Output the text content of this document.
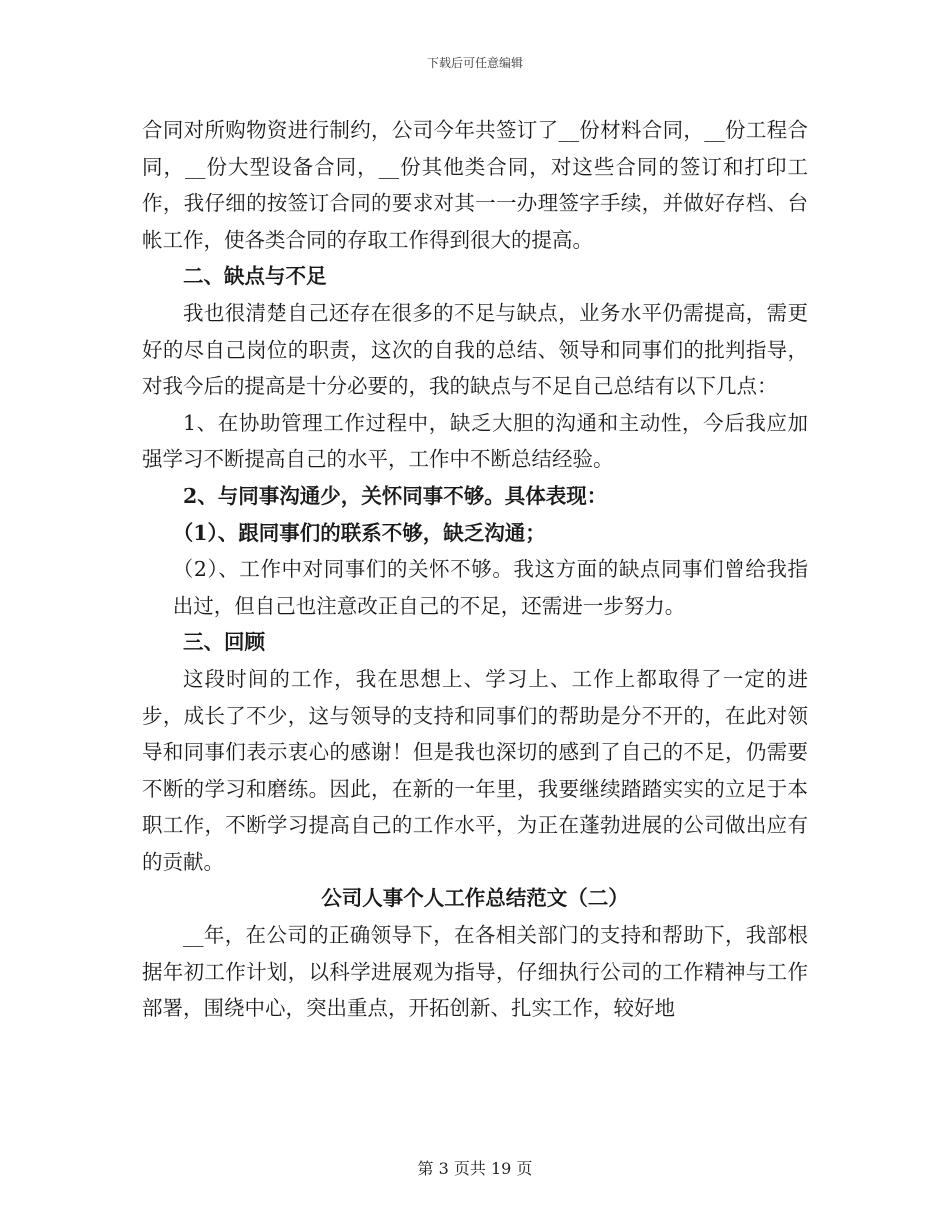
下载后可任意编辑

合同对所购物资进行制约，公司今年共签订了__份材料合同，__份工程合同，__份大型设备合同，__份其他类合同，对这些合同的签订和打印工作，我仔细的按签订合同的要求对其一一办理签字手续，并做好存档、台帐工作，使各类合同的存取工作得到很大的提高。

二、缺点与不足

我也很清楚自己还存在很多的不足与缺点，业务水平仍需提高，需更好的尽自己岗位的职责，这次的自我的总结、领导和同事们的批判指导，对我今后的提高是十分必要的，我的缺点与不足自己总结有以下几点：

1、在协助管理工作过程中，缺乏大胆的沟通和主动性，今后我应加强学习不断提高自己的水平，工作中不断总结经验。

2、与同事沟通少，关怀同事不够。具体表现：

（1）、跟同事们的联系不够，缺乏沟通；

（2）、工作中对同事们的关怀不够。我这方面的缺点同事们曾给我指出过，但自己也注意改正自己的不足，还需进一步努力。

三、回顾

这段时间的工作，我在思想上、学习上、工作上都取得了一定的进步，成长了不少，这与领导的支持和同事们的帮助是分不开的，在此对领导和同事们表示衷心的感谢！但是我也深切的感到了自己的不足，仍需要不断的学习和磨练。因此，在新的一年里，我要继续踏踏实实的立足于本职工作，不断学习提高自己的工作水平，为正在蓬勃进展的公司做出应有的贡献。

公司人事个人工作总结范文（二）

__年，在公司的正确领导下，在各相关部门的支持和帮助下，我部根据年初工作计划，以科学进展观为指导，仔细执行公司的工作精神与工作部署，围绕中心，突出重点，开拓创新、扎实工作，较好地

第 3 页共 19 页
